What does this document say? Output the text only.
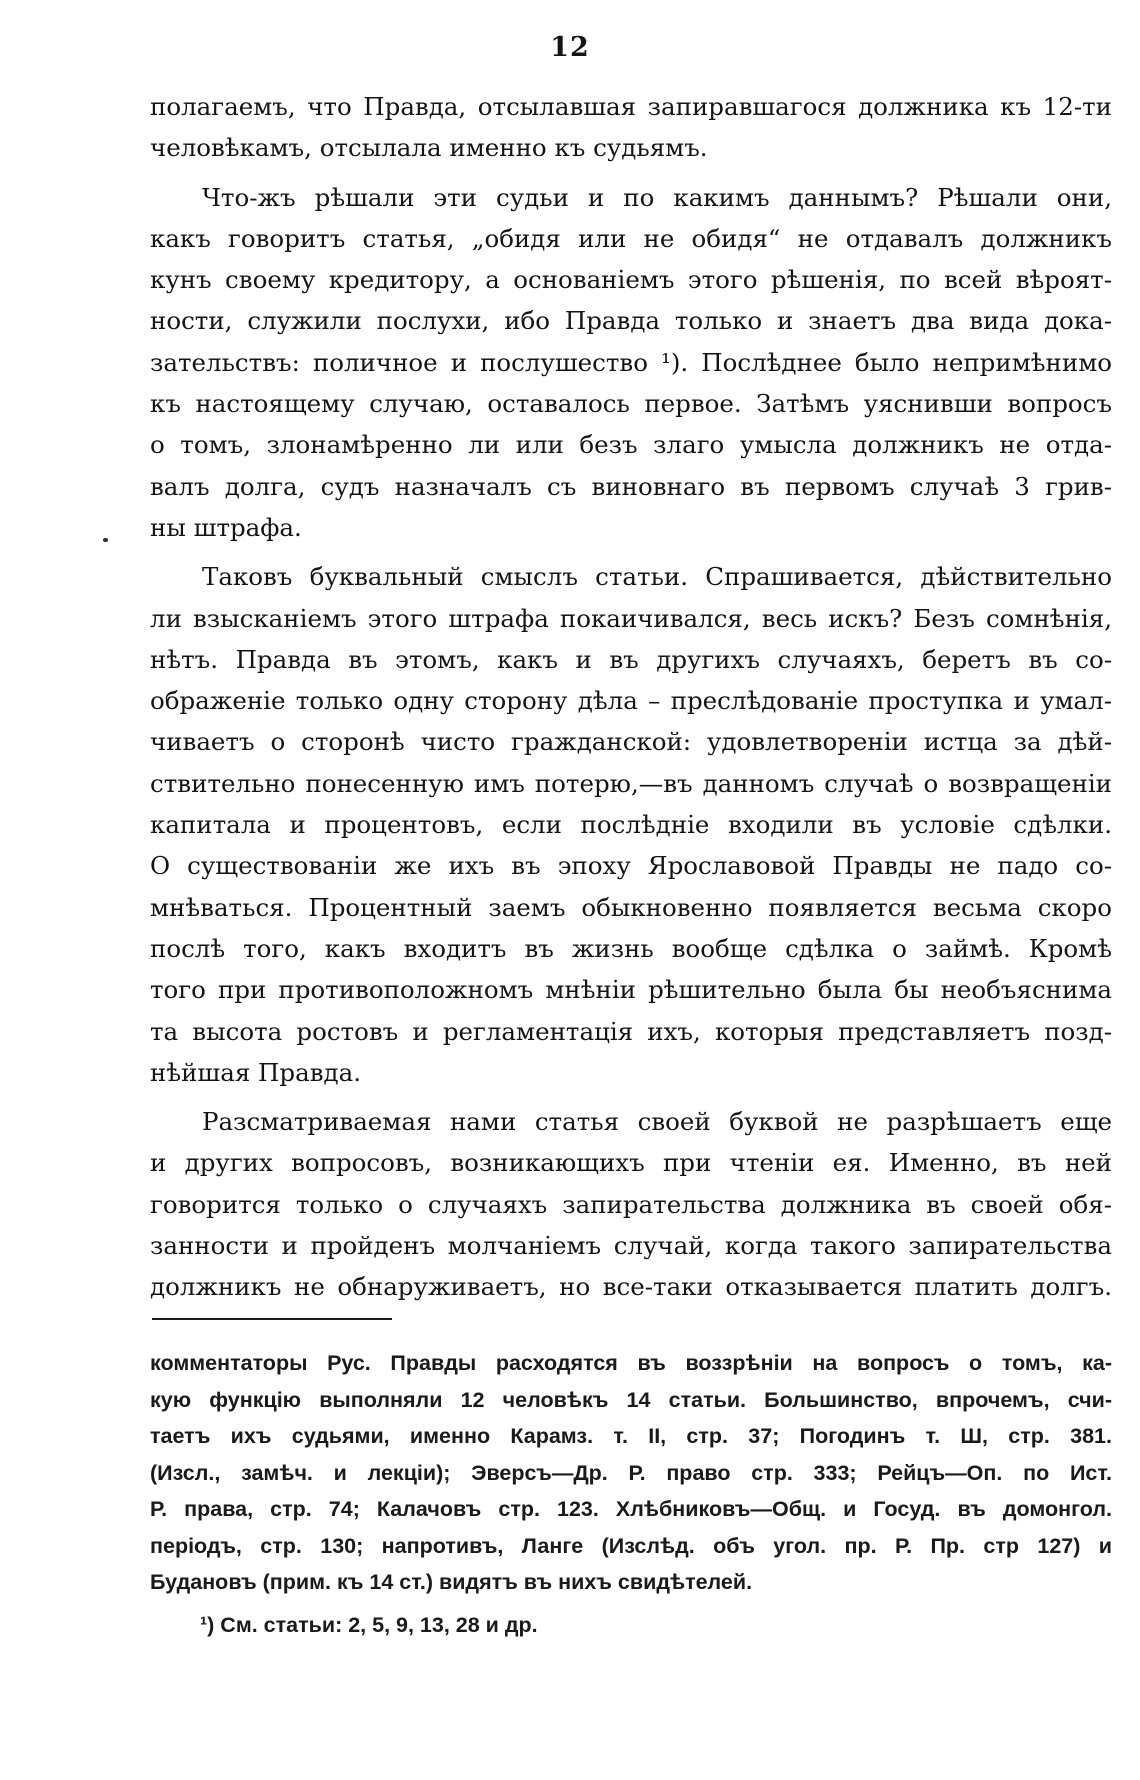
12
полагаемъ, что Правда, отсылавшая запиравшагося должника къ 12-ти
человѣкамъ, отсылала именно къ судьямъ.
Что-жъ рѣшали эти судьи и по какимъ даннымъ? Рѣшали они,
какъ говоритъ статья, „обидя или не обидя“ не отдавалъ должникъ
кунъ своему кредитору, а основаніемъ этого рѣшенія, по всей вѣроят-
ности, служили послухи, ибо Правда только и знаетъ два вида дока-
зательствъ: поличное и послушество ¹). Послѣднее было непримѣнимо
къ настоящему случаю, оставалось первое. Затѣмъ уяснивши вопросъ
о томъ, злонамѣренно ли или безъ злаго умысла должникъ не отда-
валъ долга, судъ назначалъ съ виновнаго въ первомъ случаѣ 3 грив-
ны штрафа.
Таковъ буквальный смыслъ статьи. Спрашивается, дѣйствительно
ли взысканіемъ этого штрафа покаичивался, весь искъ? Безъ сомнѣнія,
нѣтъ. Правда въ этомъ, какъ и въ другихъ случаяхъ, беретъ въ со-
ображеніе только одну сторону дѣла – преслѣдованіе проступка и умал-
чиваетъ о сторонѣ чисто гражданской: удовлетвореніи истца за дѣй-
ствительно понесенную имъ потерю,—въ данномъ случаѣ о возвращеніи
капитала и процентовъ, если послѣдніе входили въ условіе сдѣлки.
О существованіи же ихъ въ эпоху Ярославовой Правды не падо со-
мнѣваться. Процентный заемъ обыкновенно появляется весьма скоро
послѣ того, какъ входитъ въ жизнь вообще сдѣлка о займѣ. Кромѣ
того при противоположномъ мнѣніи рѣшительно была бы необъяснима
та высота ростовъ и регламентація ихъ, которыя представляетъ позд-
нѣйшая Правда.
Разсматриваемая нами статья своей буквой не разрѣшаетъ еще
и других вопросовъ, возникающихъ при чтеніи ея. Именно, въ ней
говорится только о случаяхъ запирательства должника въ своей обя-
занности и пройденъ молчаніемъ случай, когда такого запирательства
должникъ не обнаруживаетъ, но все-таки отказывается платить долгъ.
комментаторы Рус. Правды расходятся въ воззрѣніи на вопросъ о томъ, ка-
кую функцію выполняли 12 человѣкъ 14 статьи. Большинство, впрочемъ, счи-
таетъ ихъ судьями, именно Карамз. т. II, стр. 37; Погодинъ т. Ш, стр. 381.
(Изсл., замѣч. и лекціи); Эверсъ—Др. Р. право стр. 333; Рейцъ—Оп. по Ист.
Р. права, стр. 74; Калачовъ стр. 123. Хлѣбниковъ—Общ. и Госуд. въ домонгол.
періодъ, стр. 130; напротивъ, Ланге (Изслѣд. объ угол. пр. Р. Пр. стр 127) и
Будановъ (прим. къ 14 ст.) видятъ въ нихъ свидѣтелей.
¹) См. статьи: 2, 5, 9, 13, 28 и др.
